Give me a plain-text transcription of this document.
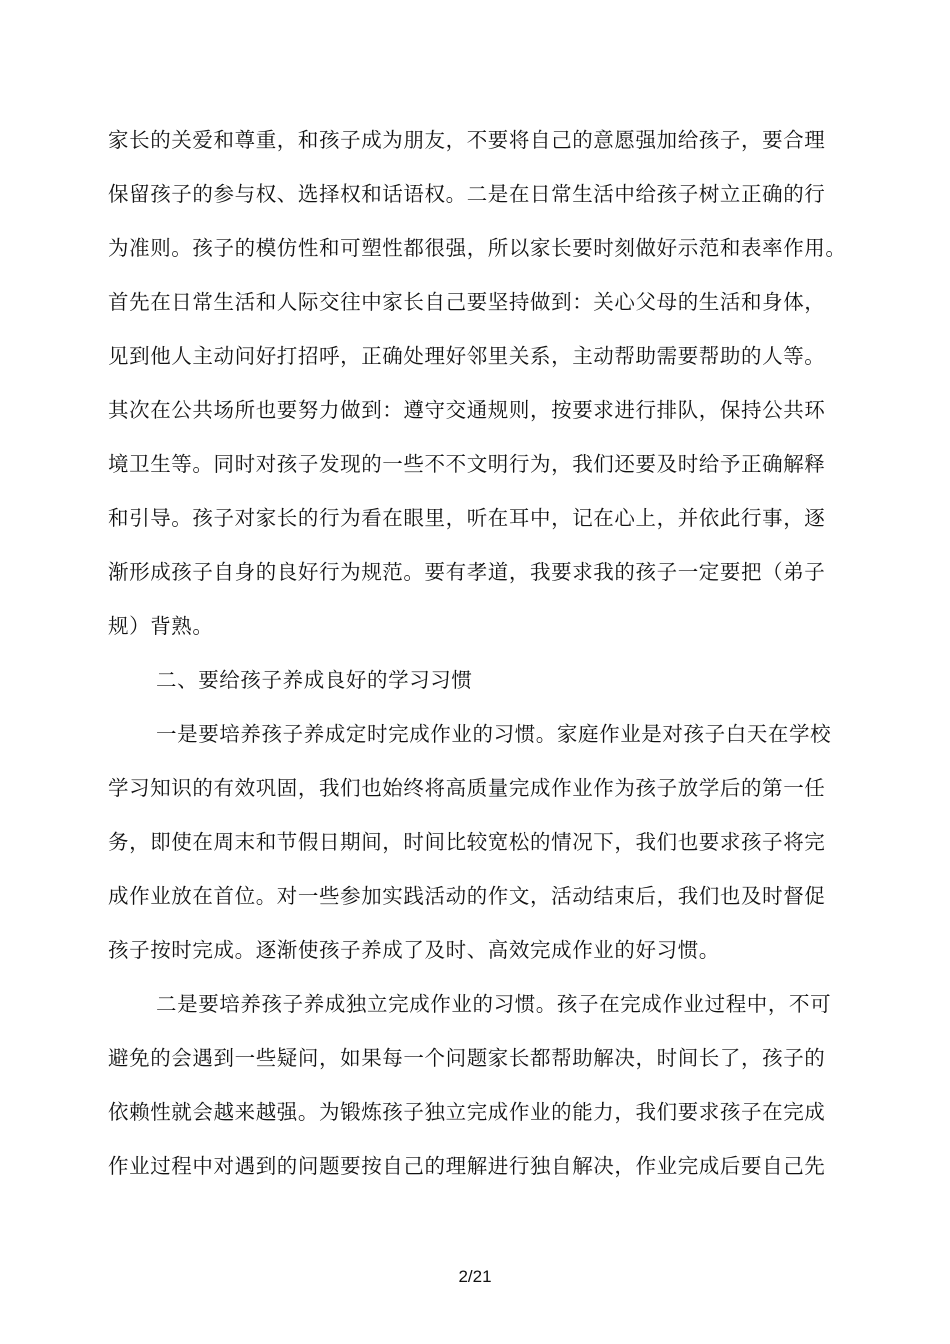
家长的关爱和尊重，和孩子成为朋友，不要将自己的意愿强加给孩子，要合理
保留孩子的参与权、选择权和话语权。二是在日常生活中给孩子树立正确的行
为准则。孩子的模仿性和可塑性都很强，所以家长要时刻做好示范和表率作用。
首先在日常生活和人际交往中家长自己要坚持做到：关心父母的生活和身体，
见到他人主动问好打招呼，正确处理好邻里关系，主动帮助需要帮助的人等。
其次在公共场所也要努力做到：遵守交通规则，按要求进行排队，保持公共环
境卫生等。同时对孩子发现的一些不不文明行为，我们还要及时给予正确解释
和引导。孩子对家长的行为看在眼里，听在耳中，记在心上，并依此行事，逐
渐形成孩子自身的良好行为规范。要有孝道，我要求我的孩子一定要把（弟子
规）背熟。
二、要给孩子养成良好的学习习惯
一是要培养孩子养成定时完成作业的习惯。家庭作业是对孩子白天在学校
学习知识的有效巩固，我们也始终将高质量完成作业作为孩子放学后的第一任
务，即使在周末和节假日期间，时间比较宽松的情况下，我们也要求孩子将完
成作业放在首位。对一些参加实践活动的作文，活动结束后，我们也及时督促
孩子按时完成。逐渐使孩子养成了及时、高效完成作业的好习惯。
二是要培养孩子养成独立完成作业的习惯。孩子在完成作业过程中，不可
避免的会遇到一些疑问，如果每一个问题家长都帮助解决，时间长了，孩子的
依赖性就会越来越强。为锻炼孩子独立完成作业的能力，我们要求孩子在完成
作业过程中对遇到的问题要按自己的理解进行独自解决，作业完成后要自己先
2/21
